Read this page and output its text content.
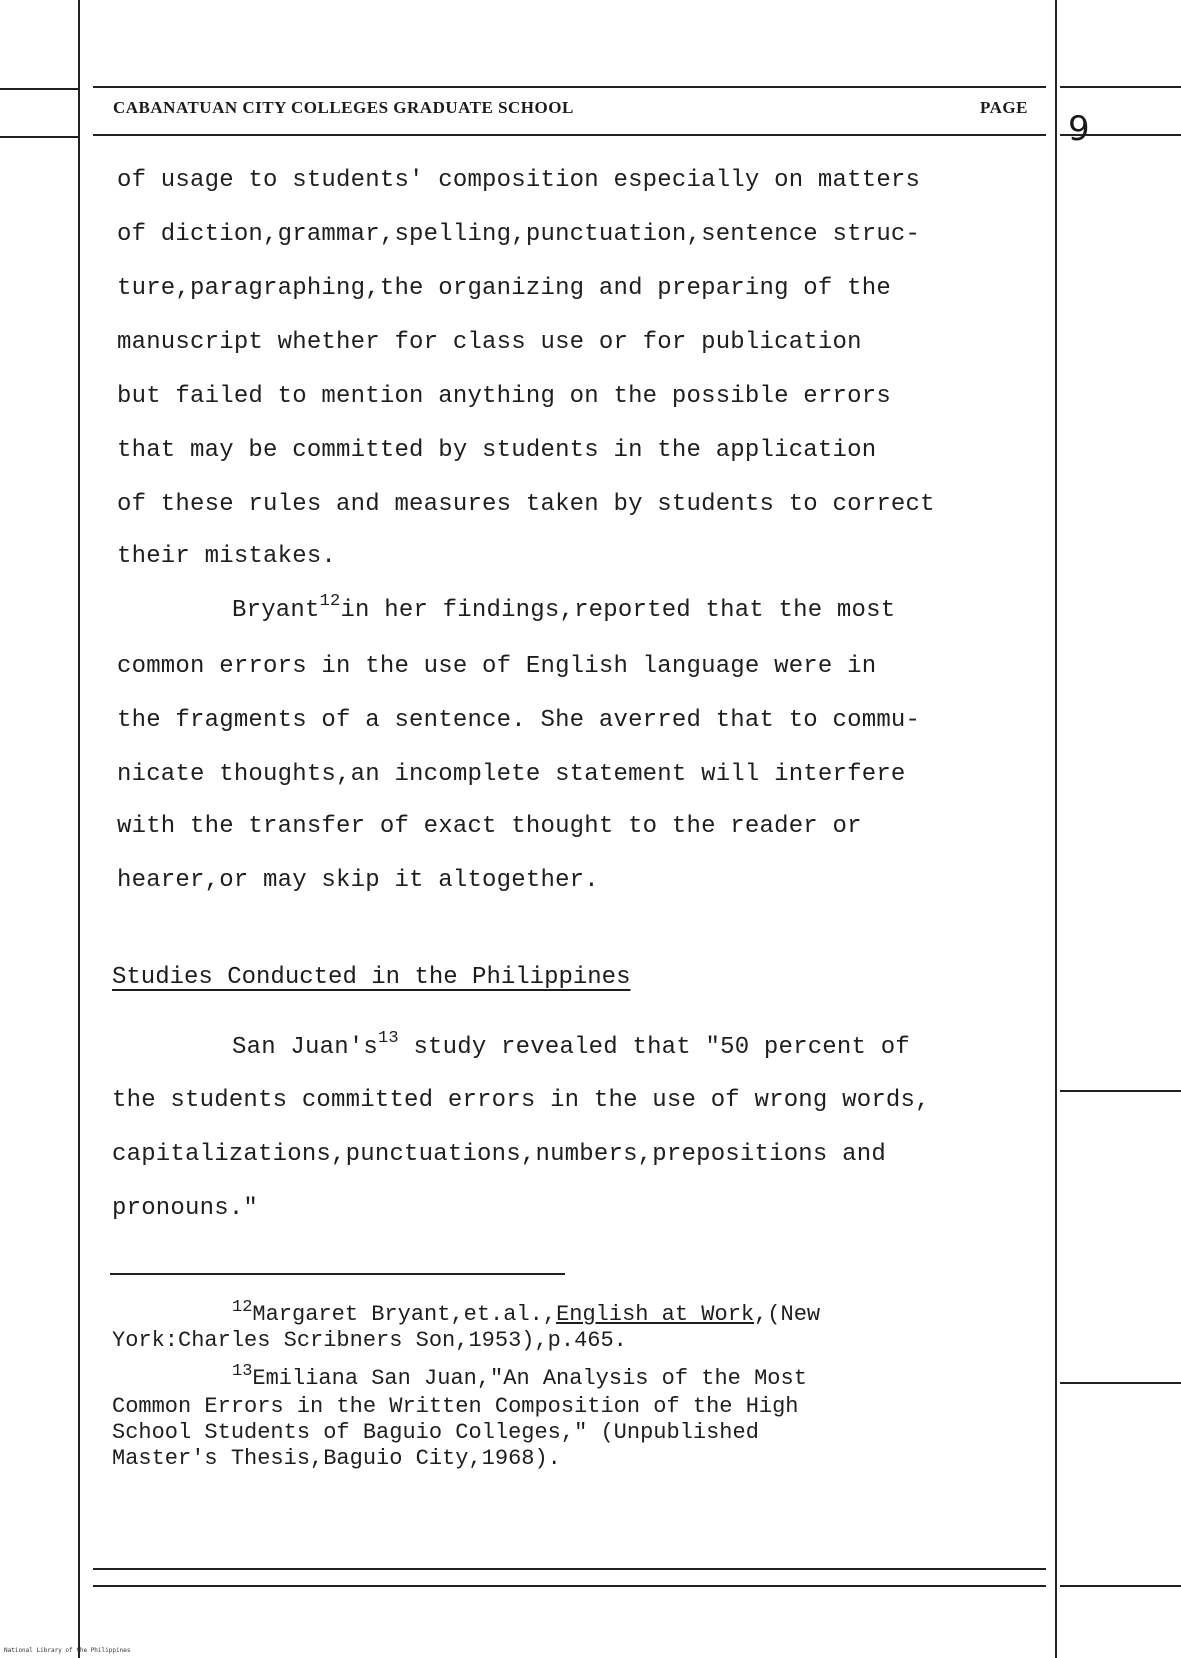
CABANATUAN CITY COLLEGES GRADUATE SCHOOL	PAGE
9
of usage to students' composition especially on matters
of diction,grammar,spelling,punctuation,sentence struc-
ture,paragraphing,the organizing and preparing of the
manuscript whether for class use or for publication
but failed to mention anything on the possible errors
that may be committed by students in the application
of these rules and measures taken by students to correct
their mistakes.
Bryant$^{12}$in her findings,reported that the most
common errors in the use of English language were in
the fragments of a sentence. She averred that to commu-
nicate thoughts,an incomplete statement will interfere
with the transfer of exact thought to the reader or
hearer,or may skip it altogether.
Studies Conducted in the Philippines
San $Juan's^{13}$ study revealed that "50 percent of
the students committed errors in the use of wrong words,
capitalizations,punctuations,numbers,prepositions and
pronouns."
$^{12}$Margaret Bryant,et.al.,English at Work,(New
York:Charles Scribners Son,1953),p.465.
$^{13}$Emiliana San Juan,"An Analysis of the Most
Common Errors in the Written Composition of the High
School Students of Baguio Colleges," (Unpublished
Master's Thesis,Baguio City,1968).
National Library of the Philippines
